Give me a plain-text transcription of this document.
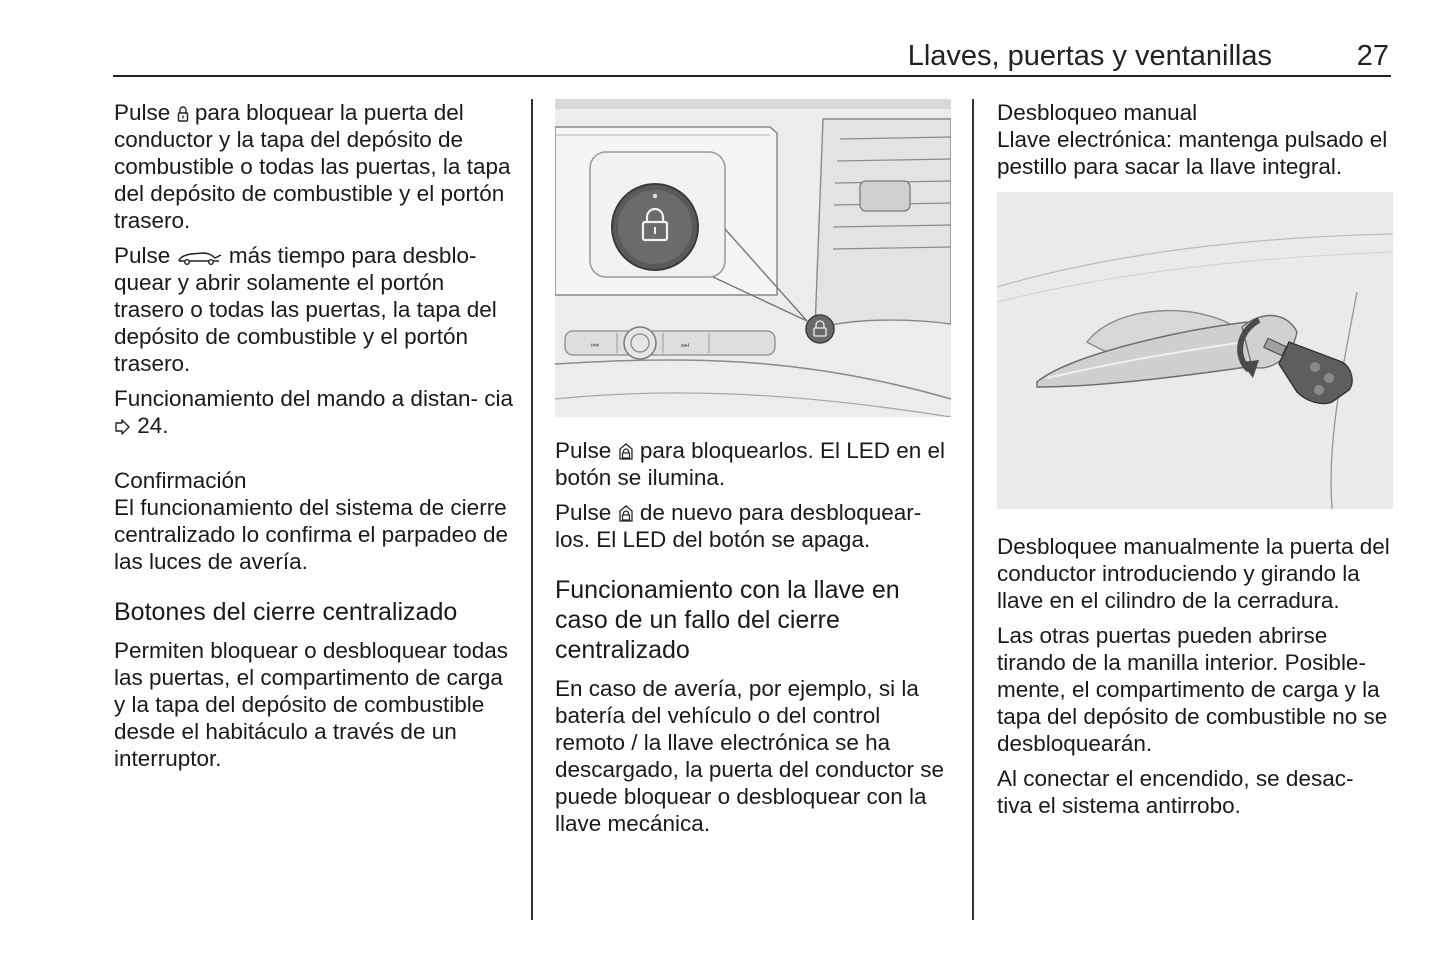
Llaves, puertas y ventanillas	27

Pulse para bloquear la puerta del conductor y la tapa del depósito de combustible o todas las puertas, la tapa del depósito de combustible y el portón trasero.

Pulse	más tiempo para desblo- quear y abrir solamente el portón trasero o todas las puertas, la tapa del depósito de combustible y el portón trasero.

Funcionamiento del mando a distan- cia  24.

Confirmación

El funcionamiento del sistema de cierre centralizado lo confirma el parpadeo de las luces de avería.

Botones del cierre centralizado

Permiten bloquear o desbloquear todas las puertas, el compartimento de carga y la tapa del depósito de combustible desde el habitáculo a través de un interruptor.

⏮	⏭

Pulse para bloquearlos. El LED en el botón se ilumina.

Pulse de nuevo para desbloquear- los. El LED del botón se apaga.

Funcionamiento con la llave en caso de un fallo del cierre centralizado

En caso de avería, por ejemplo, si la batería del vehículo o del control remoto / la llave electrónica se ha descargado, la puerta del conductor se puede bloquear o desbloquear con la llave mecánica.

Desbloqueo manual

Llave electrónica: mantenga pulsado el pestillo para sacar la llave integral.

Desbloquee manualmente la puerta del conductor introduciendo y girando la llave en el cilindro de la cerradura.

Las otras puertas pueden abrirse tirando de la manilla interior. Posible- mente, el compartimento de carga y la tapa del depósito de combustible no se desbloquearán.

Al conectar el encendido, se desac- tiva el sistema antirrobo.
